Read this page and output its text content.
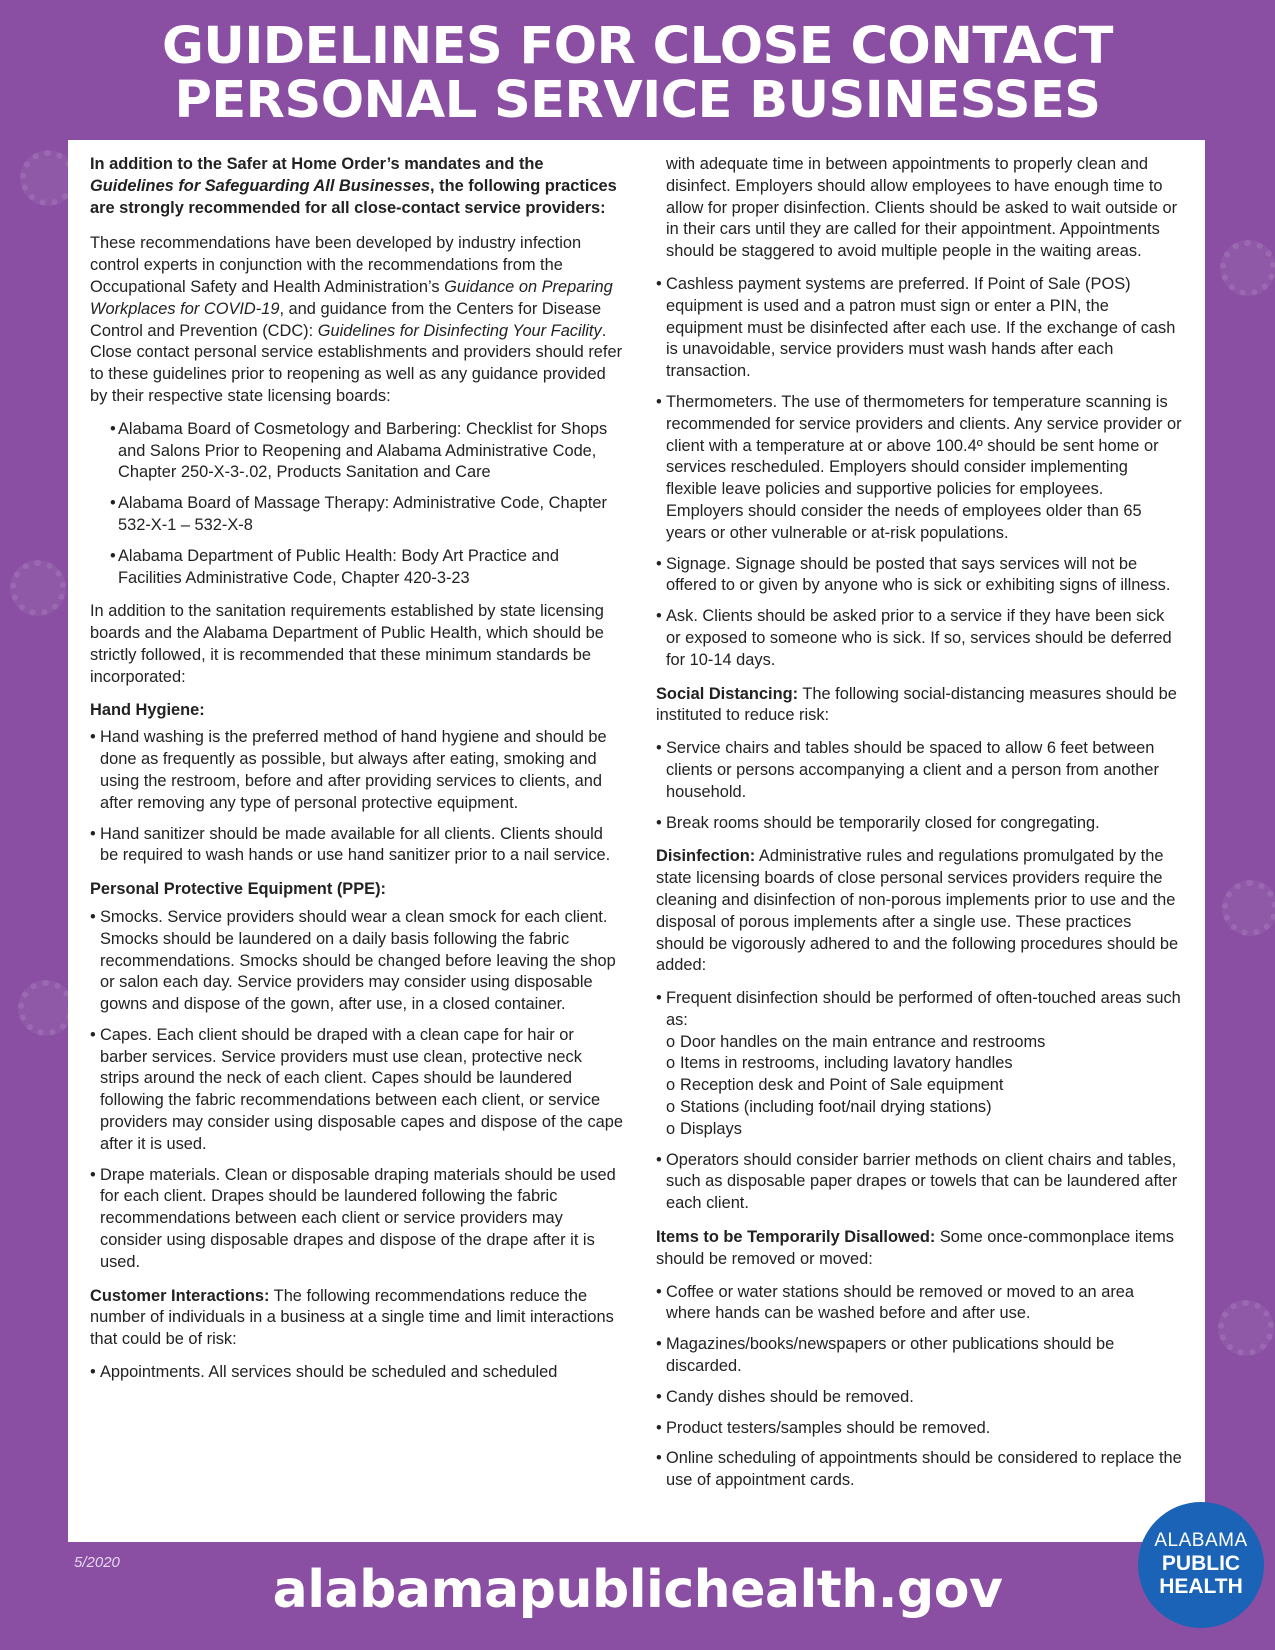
GUIDELINES FOR CLOSE CONTACT
PERSONAL SERVICE BUSINESSES

In addition to the Safer at Home Order’s mandates and the Guidelines for Safeguarding All Businesses, the following practices are strongly recommended for all close-contact service providers:

These recommendations have been developed by industry infection control experts in conjunction with the recommendations from the Occupational Safety and Health Administration’s Guidance on Preparing Workplaces for COVID-19, and guidance from the Centers for Disease Control and Prevention (CDC): Guidelines for Disinfecting Your Facility. Close contact personal service establishments and providers should refer to these guidelines prior to reopening as well as any guidance provided by their respective state licensing boards:

• Alabama Board of Cosmetology and Barbering: Checklist for Shops and Salons Prior to Reopening and Alabama Administrative Code, Chapter 250-X-3-.02, Products Sanitation and Care
• Alabama Board of Massage Therapy: Administrative Code, Chapter 532-X-1 – 532-X-8
• Alabama Department of Public Health: Body Art Practice and Facilities Administrative Code, Chapter 420-3-23

In addition to the sanitation requirements established by state licensing boards and the Alabama Department of Public Health, which should be strictly followed, it is recommended that these minimum standards be incorporated:

Hand Hygiene:

• Hand washing is the preferred method of hand hygiene and should be done as frequently as possible, but always after eating, smoking and using the restroom, before and after providing services to clients, and after removing any type of personal protective equipment.
• Hand sanitizer should be made available for all clients. Clients should be required to wash hands or use hand sanitizer prior to a nail service.

Personal Protective Equipment (PPE):

• Smocks. Service providers should wear a clean smock for each client. Smocks should be laundered on a daily basis following the fabric recommendations. Smocks should be changed before leaving the shop or salon each day. Service providers may consider using disposable gowns and dispose of the gown, after use, in a closed container.
• Capes. Each client should be draped with a clean cape for hair or barber services. Service providers must use clean, protective neck strips around the neck of each client. Capes should be laundered following the fabric recommendations between each client, or service providers may consider using disposable capes and dispose of the cape after it is used.
• Drape materials. Clean or disposable draping materials should be used for each client. Drapes should be laundered following the fabric recommendations between each client or service providers may consider using disposable drapes and dispose of the drape after it is used.

Customer Interactions: The following recommendations reduce the number of individuals in a business at a single time and limit interactions that could be of risk:

• Appointments. All services should be scheduled and scheduled

with adequate time in between appointments to properly clean and disinfect. Employers should allow employees to have enough time to allow for proper disinfection. Clients should be asked to wait outside or in their cars until they are called for their appointment. Appointments should be staggered to avoid multiple people in the waiting areas.

• Cashless payment systems are preferred. If Point of Sale (POS) equipment is used and a patron must sign or enter a PIN, the equipment must be disinfected after each use. If the exchange of cash is unavoidable, service providers must wash hands after each transaction.
• Thermometers. The use of thermometers for temperature scanning is recommended for service providers and clients. Any service provider or client with a temperature at or above 100.4º should be sent home or services rescheduled. Employers should consider implementing flexible leave policies and supportive policies for employees. Employers should consider the needs of employees older than 65 years or other vulnerable or at-risk populations.
• Signage. Signage should be posted that says services will not be offered to or given by anyone who is sick or exhibiting signs of illness.
• Ask. Clients should be asked prior to a service if they have been sick or exposed to someone who is sick. If so, services should be deferred for 10-14 days.

Social Distancing: The following social-distancing measures should be instituted to reduce risk:

• Service chairs and tables should be spaced to allow 6 feet between clients or persons accompanying a client and a person from another household.
• Break rooms should be temporarily closed for congregating.

Disinfection: Administrative rules and regulations promulgated by the state licensing boards of close personal services providers require the cleaning and disinfection of non-porous implements prior to use and the disposal of porous implements after a single use. These practices should be vigorously adhered to and the following procedures should be added:

• Frequent disinfection should be performed of often-touched areas such as:
o Door handles on the main entrance and restrooms
o Items in restrooms, including lavatory handles
o Reception desk and Point of Sale equipment
o Stations (including foot/nail drying stations)
o Displays
• Operators should consider barrier methods on client chairs and tables, such as disposable paper drapes or towels that can be laundered after each client.

Items to be Temporarily Disallowed: Some once-commonplace items should be removed or moved:

• Coffee or water stations should be removed or moved to an area where hands can be washed before and after use.
• Magazines/books/newspapers or other publications should be discarded.
• Candy dishes should be removed.
• Product testers/samples should be removed.
• Online scheduling of appointments should be considered to replace the use of appointment cards.
5/2020	alabamapublichealth.gov
ALABAMA
PUBLIC
HEALTH
